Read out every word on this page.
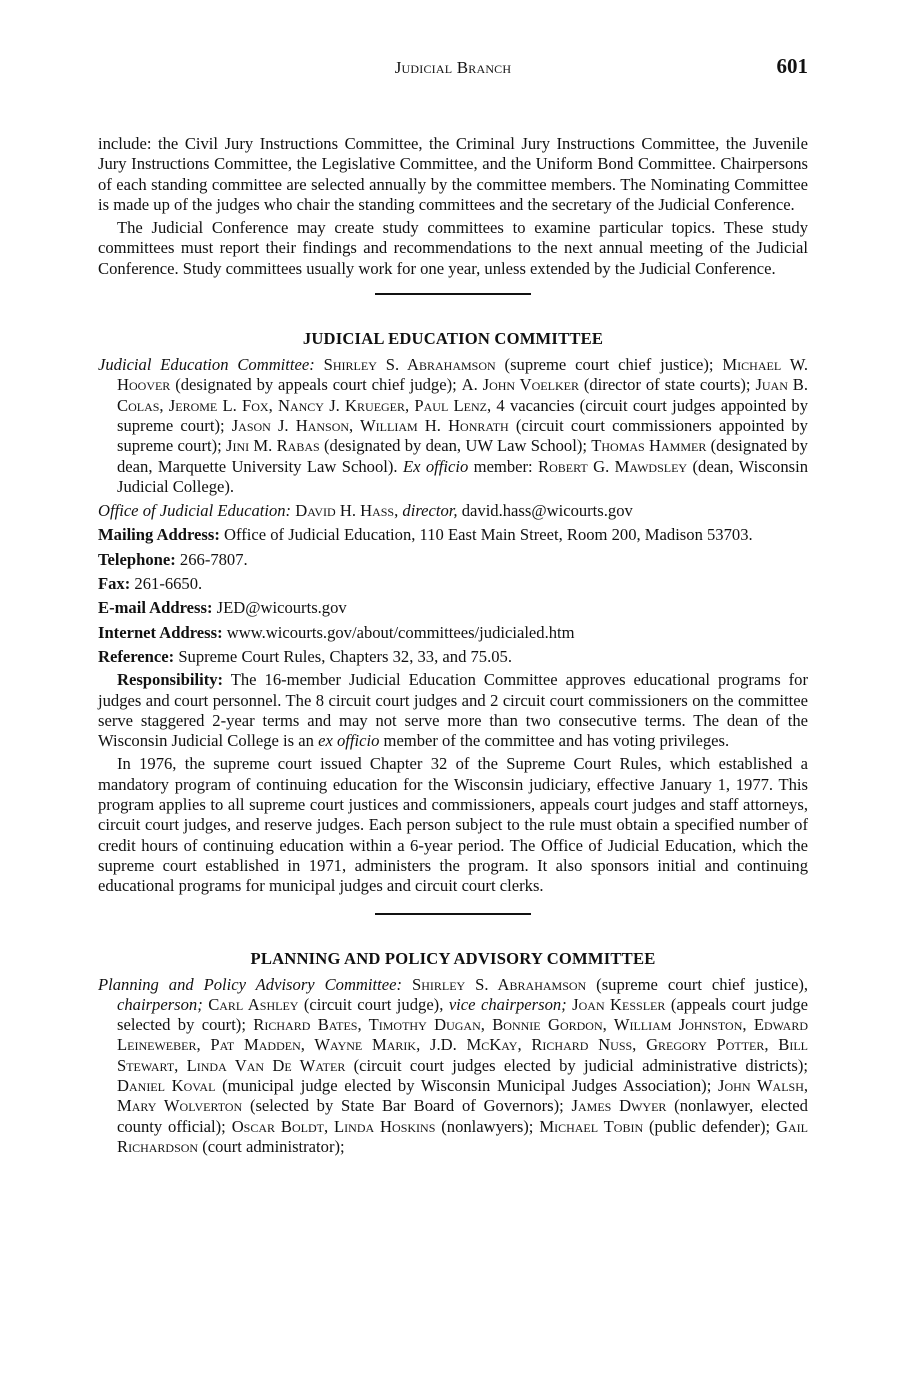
Judicial Branch	601

include: the Civil Jury Instructions Committee, the Criminal Jury Instructions Committee, the Juvenile Jury Instructions Committee, the Legislative Committee, and the Uniform Bond Committee. Chairpersons of each standing committee are selected annually by the committee members. The Nominating Committee is made up of the judges who chair the standing committees and the secretary of the Judicial Conference.

The Judicial Conference may create study committees to examine particular topics. These study committees must report their findings and recommendations to the next annual meeting of the Judicial Conference. Study committees usually work for one year, unless extended by the Judicial Conference.

JUDICIAL EDUCATION COMMITTEE

Judicial Education Committee: Shirley S. Abrahamson (supreme court chief justice); Michael W. Hoover (designated by appeals court chief judge); A. John Voelker (director of state courts); Juan B. Colas, Jerome L. Fox, Nancy J. Krueger, Paul Lenz, 4 vacancies (circuit court judges appointed by supreme court); Jason J. Hanson, William H. Honrath (circuit court commissioners appointed by supreme court); Jini M. Rabas (designated by dean, UW Law School); Thomas Hammer (designated by dean, Marquette University Law School). Ex officio member: Robert G. Mawdsley (dean, Wisconsin Judicial College).

Office of Judicial Education: David H. Hass, director, david.hass@wicourts.gov

Mailing Address: Office of Judicial Education, 110 East Main Street, Room 200, Madison 53703.

Telephone: 266-7807.

Fax: 261-6650.

E-mail Address: JED@wicourts.gov

Internet Address: www.wicourts.gov/about/committees/judicialed.htm

Reference: Supreme Court Rules, Chapters 32, 33, and 75.05.

Responsibility: The 16-member Judicial Education Committee approves educational programs for judges and court personnel. The 8 circuit court judges and 2 circuit court commissioners on the committee serve staggered 2-year terms and may not serve more than two consecutive terms. The dean of the Wisconsin Judicial College is an ex officio member of the committee and has voting privileges.

In 1976, the supreme court issued Chapter 32 of the Supreme Court Rules, which established a mandatory program of continuing education for the Wisconsin judiciary, effective January 1, 1977. This program applies to all supreme court justices and commissioners, appeals court judges and staff attorneys, circuit court judges, and reserve judges. Each person subject to the rule must obtain a specified number of credit hours of continuing education within a 6-year period. The Office of Judicial Education, which the supreme court established in 1971, administers the program. It also sponsors initial and continuing educational programs for municipal judges and circuit court clerks.

PLANNING AND POLICY ADVISORY COMMITTEE

Planning and Policy Advisory Committee: Shirley S. Abrahamson (supreme court chief justice), chairperson; Carl Ashley (circuit court judge), vice chairperson; Joan Kessler (appeals court judge selected by court); Richard Bates, Timothy Dugan, Bonnie Gordon, William Johnston, Edward Leineweber, Pat Madden, Wayne Marik, J.D. McKay, Richard Nuss, Gregory Potter, Bill Stewart, Linda Van De Water (circuit court judges elected by judicial administrative districts); Daniel Koval (municipal judge elected by Wisconsin Municipal Judges Association); John Walsh, Mary Wolverton (selected by State Bar Board of Governors); James Dwyer (nonlawyer, elected county official); Oscar Boldt, Linda Hoskins (nonlawyers); Michael Tobin (public defender); Gail Richardson (court administrator);
